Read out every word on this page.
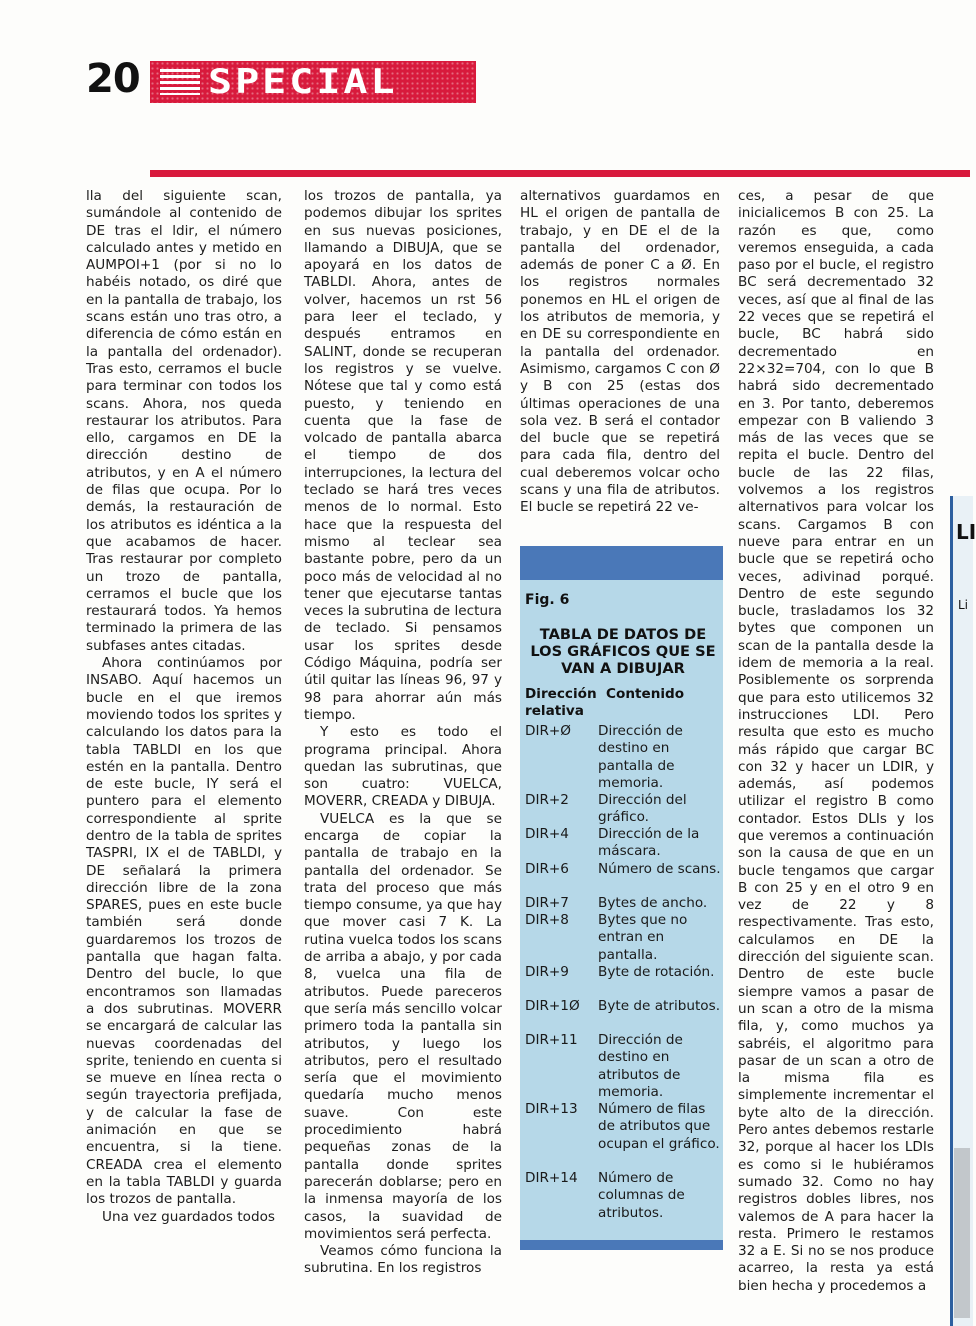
20 SPECIAL

lla del siguiente scan, sumándole al contenido de DE tras el ldir, el número calculado antes y metido en AUMPOI+1 (por si no lo habéis notado, os diré que en la pantalla de trabajo, los scans están uno tras otro, a diferencia de cómo están en la pantalla del ordenador). Tras esto, cerramos el bucle para terminar con todos los scans. Ahora, nos queda restaurar los atributos. Para ello, cargamos en DE la dirección destino de atributos, y en A el número de filas que ocupa. Por lo demás, la restauración de los atributos es idéntica a la que acabamos de hacer. Tras restaurar por completo un trozo de pantalla, cerramos el bucle que los restaurará todos. Ya hemos terminado la primera de las subfases antes citadas.

Ahora continúamos por INSABO. Aquí hacemos un bucle en el que iremos moviendo todos los sprites y calculando los datos para la tabla TABLDI en los que estén en la pantalla. Dentro de este bucle, IY será el puntero para el elemento correspondiente al sprite dentro de la tabla de sprites TASPRI, IX el de TABLDI, y DE señalará la primera dirección libre de la zona SPARES, pues en este bucle también será donde guardaremos los trozos de pantalla que hagan falta. Dentro del bucle, lo que encontramos son llamadas a dos subrutinas. MOVERR se encargará de calcular las nuevas coordenadas del sprite, teniendo en cuenta si se mueve en línea recta o según trayectoria prefijada, y de calcular la fase de animación en que se encuentra, si la tiene. CREADA crea el elemento en la tabla TABLDI y guarda los trozos de pantalla.

Una vez guardados todos

los trozos de pantalla, ya podemos dibujar los sprites en sus nuevas posiciones, llamando a DIBUJA, que se apoyará en los datos de TABLDI. Ahora, antes de volver, hacemos un rst 56 para leer el teclado, y después entramos en SALINT, donde se recuperan los registros y se vuelve. Nótese que tal y como está puesto, y teniendo en cuenta que la fase de volcado de pantalla abarca el tiempo de dos interrupciones, la lectura del teclado se hará tres veces menos de lo normal. Esto hace que la respuesta del mismo al teclear sea bastante pobre, pero da un poco más de velocidad al no tener que ejecutarse tantas veces la subrutina de lectura de teclado. Si pensamos usar los sprites desde Código Máquina, podría ser útil quitar las líneas 96, 97 y 98 para ahorrar aún más tiempo.

Y esto es todo el programa principal. Ahora quedan las subrutinas, que son cuatro: VUELCA, MOVERR, CREADA y DIBUJA.

VUELCA es la que se encarga de copiar la pantalla de trabajo en la pantalla del ordenador. Se trata del proceso que más tiempo consume, ya que hay que mover casi 7 K. La rutina vuelca todos los scans de arriba a abajo, y por cada 8, vuelca una fila de atributos. Puede pareceros que sería más sencillo volcar primero toda la pantalla sin atributos, y luego los atributos, pero el resultado sería que el movimiento quedaría mucho menos suave. Con este procedimiento habrá pequeñas zonas de la pantalla donde sprites parecerán doblarse; pero en la inmensa mayoría de los casos, la suavidad de movimientos será perfecta.

Veamos cómo funciona la subrutina. En los registros

alternativos guardamos en HL el origen de pantalla de trabajo, y en DE el de la pantalla del ordenador, además de poner C a Ø. En los registros normales ponemos en HL el origen de los atributos de memoria, y en DE su correspondiente en la pantalla del ordenador. Asimismo, cargamos C con Ø y B con 25 (estas dos últimas operaciones de una sola vez. B será el contador del bucle que se repetirá para cada fila, dentro del cual deberemos volcar ocho scans y una fila de atributos. El bucle se repetirá 22 ve-

ces, a pesar de que inicialicemos B con 25. La razón es que, como veremos enseguida, a cada paso por el bucle, el registro BC será decrementado 32 veces, así que al final de las 22 veces que se repetirá el bucle, BC habrá sido decrementado en 22×32=704, con lo que B habrá sido decrementado en 3. Por tanto, deberemos empezar con B valiendo 3 más de las veces que se repita el bucle. Dentro del bucle de las 22 filas, volvemos a los registros alternativos para volcar los scans. Cargamos B con nueve para entrar en un bucle que se repetirá ocho veces, adivinad porqué. Dentro de este segundo bucle, trasladamos los 32 bytes que componen un scan de la pantalla desde la idem de memoria a la real. Posiblemente os sorprenda que para esto utilicemos 32 instrucciones LDI. Pero resulta que esto es mucho más rápido que cargar BC con 32 y hacer un LDIR, y además, así podemos utilizar el registro B como contador. Estos DLIs y los que veremos a continuación son la causa de que en un bucle tengamos que cargar B con 25 y en el otro 9 en vez de 22 y 8 respectivamente. Tras esto, calculamos en DE la dirección del siguiente scan. Dentro de este bucle siempre vamos a pasar de un scan a otro de la misma fila, y, como muchos ya sabréis, el algoritmo para pasar de un scan a otro de la misma fila es simplemente incrementar el byte alto de la dirección. Pero antes debemos restarle 32, porque al hacer los LDIs es como si le hubiéramos sumado 32. Como no hay registros dobles libres, nos valemos de A para hacer la resta. Primero le restamos 32 a E. Si no se nos produce acarreo, la resta ya está bien hecha y procedemos a

Fig. 6
TABLA DE DATOS DE LOS GRÁFICOS QUE SE VAN A DIBUJAR
Dirección relativa
Contenido
DIR+Ø	Dirección de destino en pantalla de memoria.
DIR+2	Dirección del gráfico.
DIR+4	Dirección de la máscara.
DIR+6	Número de scans.
DIR+7	Bytes de ancho.
DIR+8	Bytes que no entran en pantalla.
DIR+9	Byte de rotación.
DIR+1Ø	Byte de atributos.
DIR+11	Dirección de destino en atributos de memoria.
DIR+13	Número de filas de atributos que ocupan el gráfico.
DIR+14	Número de columnas de atributos.
LI
Li
